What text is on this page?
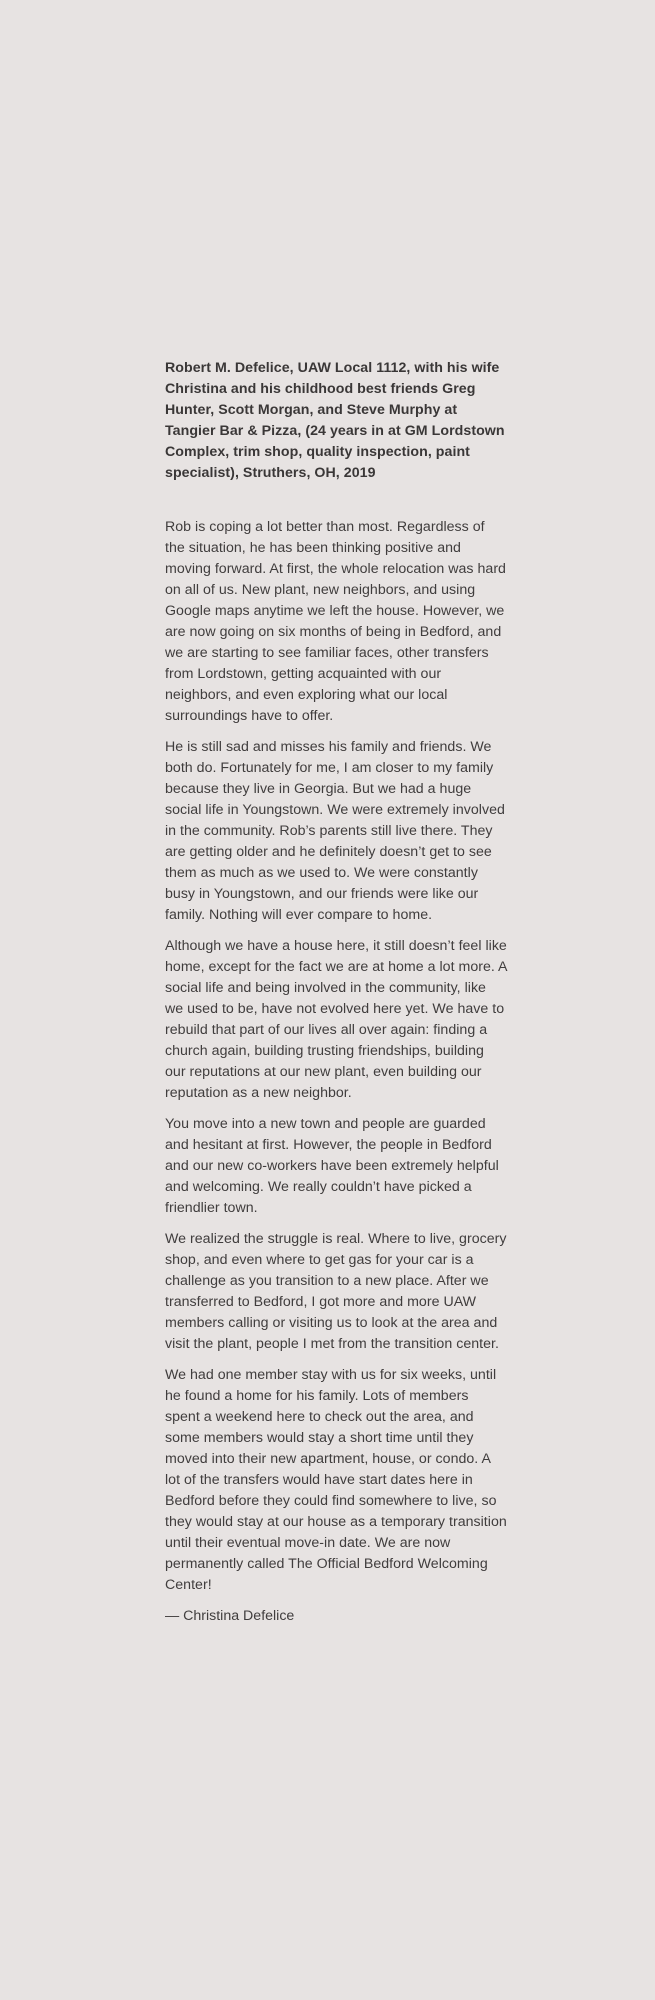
Robert M. Defelice, UAW Local 1112, with his wife Christina and his childhood best friends Greg Hunter, Scott Morgan, and Steve Murphy at Tangier Bar & Pizza, (24 years in at GM Lordstown Complex, trim shop, quality inspection, paint specialist), Struthers, OH, 2019

Rob is coping a lot better than most. Regardless of the situation, he has been thinking positive and moving forward. At first, the whole relocation was hard on all of us. New plant, new neighbors, and using Google maps anytime we left the house. However, we are now going on six months of being in Bedford, and we are starting to see familiar faces, other transfers from Lordstown, getting acquainted with our neighbors, and even exploring what our local surroundings have to offer.

He is still sad and misses his family and friends. We both do. Fortunately for me, I am closer to my family because they live in Georgia. But we had a huge social life in Youngstown. We were extremely involved in the community. Rob’s parents still live there. They are getting older and he definitely doesn’t get to see them as much as we used to. We were constantly busy in Youngstown, and our friends were like our family. Nothing will ever compare to home.

Although we have a house here, it still doesn’t feel like home, except for the fact we are at home a lot more. A social life and being involved in the community, like we used to be, have not evolved here yet. We have to rebuild that part of our lives all over again: finding a church again, building trusting friendships, building our reputations at our new plant, even building our reputation as a new neighbor.

You move into a new town and people are guarded and hesitant at first. However, the people in Bedford and our new co-workers have been extremely helpful and welcoming. We really couldn’t have picked a friendlier town.

We realized the struggle is real. Where to live, grocery shop, and even where to get gas for your car is a challenge as you transition to a new place. After we transferred to Bedford, I got more and more UAW members calling or visiting us to look at the area and visit the plant, people I met from the transition center.

We had one member stay with us for six weeks, until he found a home for his family. Lots of members spent a weekend here to check out the area, and some members would stay a short time until they moved into their new apartment, house, or condo. A lot of the transfers would have start dates here in Bedford before they could find somewhere to live, so they would stay at our house as a temporary transition until their eventual move-in date. We are now permanently called The Official Bedford Welcoming Center!

— Christina Defelice
